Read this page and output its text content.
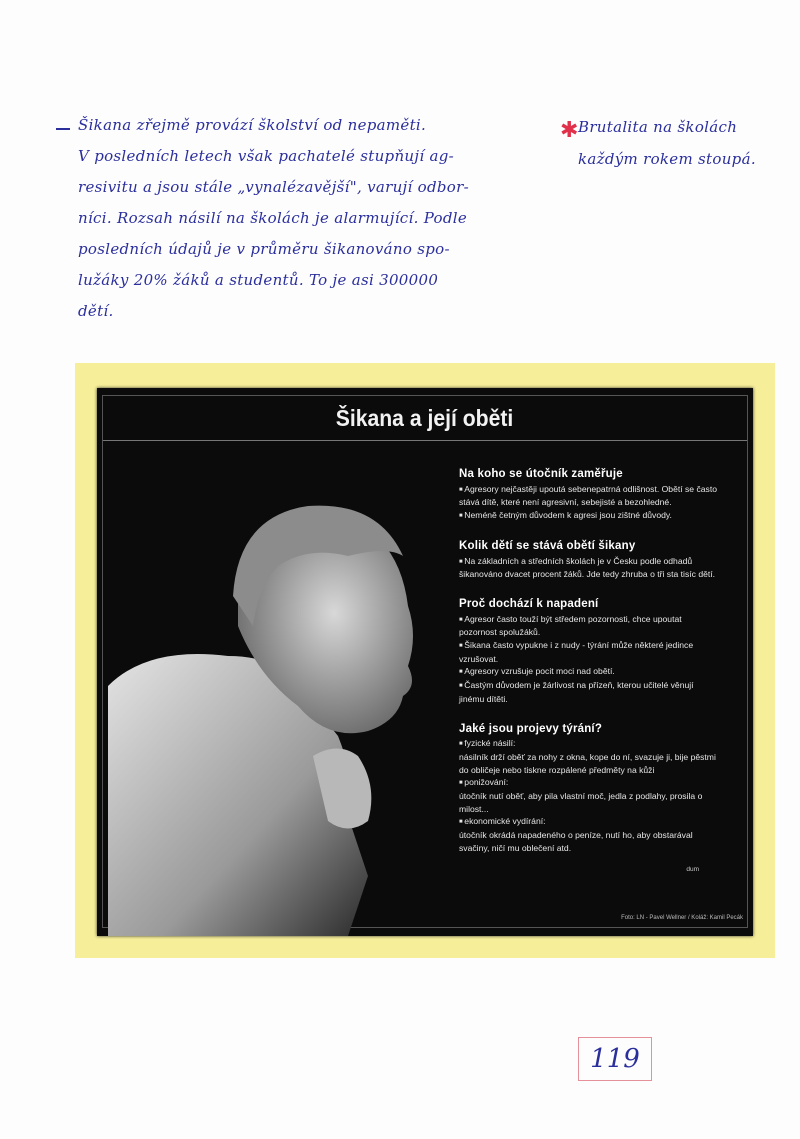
Šikana zřejmě provází školství od nepaměti.
V posledních letech však pachatelé stupňují ag-
resivitu a jsou stále „vynalézavější", varují odbor-
níci. Rozsah násilí na školách je alarmující. Podle
posledních údajů je v průměru šikanováno spo-
lužáky 20% žáků a studentů. To je asi 300000
dětí.
✱ Brutalita na školách
každým rokem stoupá.
Šikana a její oběti
Na koho se útočník zaměřuje

■ Agresory nejčastěji upoutá sebenepatrná odlišnost. Obětí se často stává dítě, které není agresivní, sebejisté a bezohledné.

■ Neméně četným důvodem k agresi jsou zištné důvody.

Kolik dětí se stává obětí šikany

■ Na základních a středních školách je v Česku podle odhadů šikanováno dvacet procent žáků. Jde tedy zhruba o tři sta tisíc dětí.

Proč dochází k napadení

■ Agresor často touží být středem pozornosti, chce upoutat pozornost spolužáků.

■ Šikana často vypukne i z nudy - týrání může některé jedince vzrušovat.

■ Agresory vzrušuje pocit moci nad obětí.

■ Častým důvodem je žárlivost na přízeň, kterou učitelé věnují jinému dítěti.

Jaké jsou projevy týrání?

■ fyzické násilí:

násilník drží oběť za nohy z okna, kope do ní, svazuje ji, bije pěstmi do obličeje nebo tiskne rozpálené předměty na kůži

■ ponižování:

útočník nutí oběť, aby pila vlastní moč, jedla z podlahy, prosila o milost...

■ ekonomické vydírání:

útočník okrádá napadeného o peníze, nutí ho, aby obstarával svačiny, ničí mu oblečení atd.

dum
Foto: LN - Pavel Wellner / Koláž: Kamil Pecák
119
